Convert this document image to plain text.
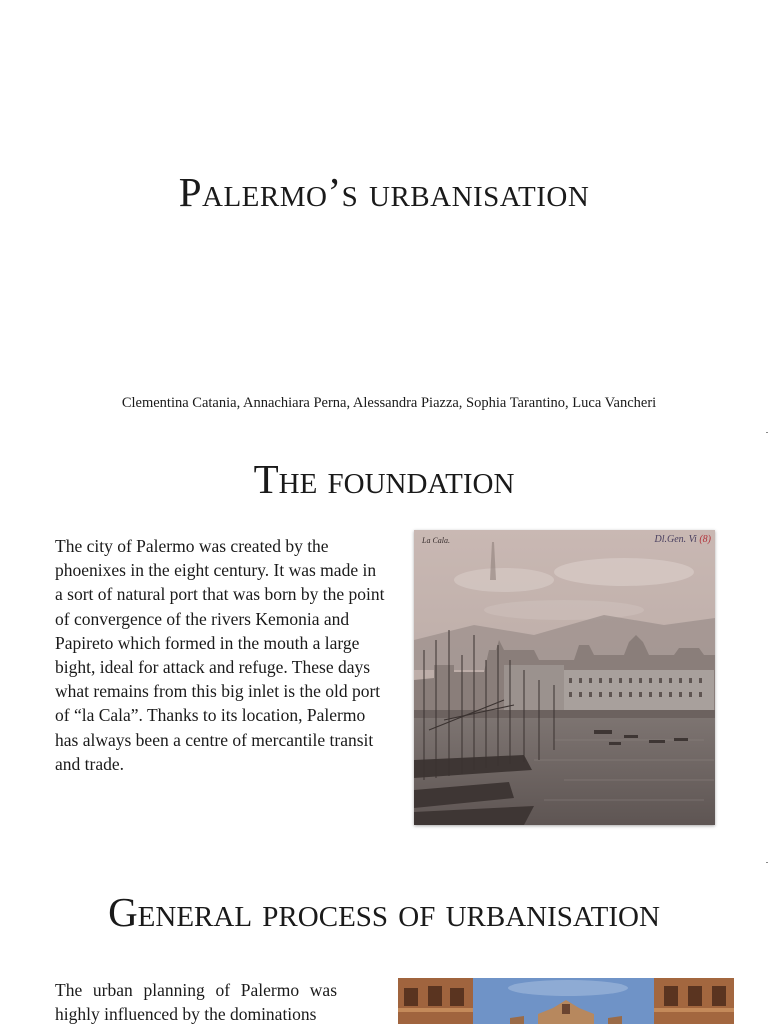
Palermo’s urbanisation

Clementina Catania, Annachiara Perna, Alessandra Piazza, Sophia Tarantino, Luca Vancheri

The foundation

The city of Palermo was created by the phoenixes in the eight century. It was made in a sort of natural port that was born by the point of convergence of the rivers Kemonia and Papireto which formed in the mouth a large bight, ideal for attack and refuge. These days what remains from this big inlet is the old port of “la Cala”. Thanks to its location, Palermo has always been a centre of mercantile transit and trade.

La Cala.	Dl.Gen. Vi (8)
General process of urbanisation

The urban planning of Palermo was highly influenced by the dominations
